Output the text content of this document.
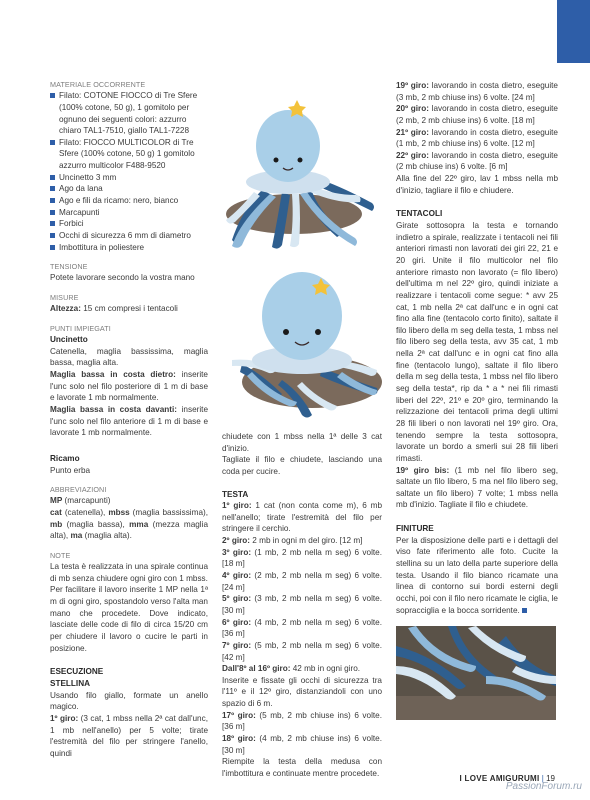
MATERIALE OCCORRENTE
Filato: COTONE FIOCCO di Tre Sfere (100% cotone, 50 g), 1 gomitolo per ognuno dei seguenti colori: azzurro chiaro TAL1-7510, giallo TAL1-7228
Filato: FIOCCO MULTICOLOR di Tre Sfere (100% cotone, 50 g) 1 gomitolo azzurro multicolor F488-9520
Uncinetto 3 mm
Ago da lana
Ago e fili da ricamo: nero, bianco
Marcapunti
Forbici
Occhi di sicurezza 6 mm di diametro
Imbottitura in poliestere
TENSIONE

Potete lavorare secondo la vostra mano

MISURE

Altezza: 15 cm compresi i tentacoli

PUNTI IMPIEGATI
Uncinetto

Catenella, maglia bassissima, maglia bassa, maglia alta.

Maglia bassa in costa dietro: inserite l'unc solo nel filo posteriore di 1 m di base e lavorate 1 mb normalmente.

Maglia bassa in costa davanti: inserite l'unc solo nel filo anteriore di 1 m di base e lavorate 1 mb normalmente.

Ricamo

Punto erba

ABBREVIAZIONI

MP (marcapunti)

cat (catenella), mbss (maglia bassissima), mb (maglia bassa), mma (mezza maglia alta), ma (maglia alta).

NOTE

La testa è realizzata in una spirale continua di mb senza chiudere ogni giro con 1 mbss.

Per facilitare il lavoro inserite 1 MP nella 1ª m di ogni giro, spostandolo verso l'alta man mano che procedete. Dove indicato, lasciate delle code di filo di circa 15/20 cm per chiudere il lavoro o cucire le parti in posizione.

ESECUZIONE
STELLINA

Usando filo giallo, formate un anello magico.

1º giro: (3 cat, 1 mbss nella 2ª cat dall'unc, 1 mb nell'anello) per 5 volte; tirate l'estremità del filo per stringere l'anello, quindi

chiudete con 1 mbss nella 1ª delle 3 cat d'inizio.

Tagliate il filo e chiudete, lasciando una coda per cucire.

TESTA

1º giro: 1 cat (non conta come m), 6 mb nell'anello; tirate l'estremità del filo per stringere il cerchio.

2º giro: 2 mb in ogni m del giro. [12 m]

3º giro: (1 mb, 2 mb nella m seg) 6 volte. [18 m]

4º giro: (2 mb, 2 mb nella m seg) 6 volte. [24 m]

5º giro: (3 mb, 2 mb nella m seg) 6 volte. [30 m]

6º giro: (4 mb, 2 mb nella m seg) 6 volte. [36 m]

7º giro: (5 mb, 2 mb nella m seg) 6 volte. [42 m]

Dall'8º al 16º giro: 42 mb in ogni giro.

Inserite e fissate gli occhi di sicurezza tra l'11º e il 12º giro, distanziandoli con uno spazio di 6 m.

17º giro: (5 mb, 2 mb chiuse ins) 6 volte. [36 m]

18º giro: (4 mb, 2 mb chiuse ins) 6 volte. [30 m]

Riempite la testa della medusa con l'imbottitura e continuate mentre procedete.

19º giro: lavorando in costa dietro, eseguite (3 mb, 2 mb chiuse ins) 6 volte. [24 m]

20º giro: lavorando in costa dietro, eseguite (2 mb, 2 mb chiuse ins) 6 volte. [18 m]

21º giro: lavorando in costa dietro, eseguite (1 mb, 2 mb chiuse ins) 6 volte. [12 m]

22º giro: lavorando in costa dietro, eseguite (2 mb chiuse ins) 6 volte. [6 m]

Alla fine del 22º giro, lav 1 mbss nella mb d'inizio, tagliare il filo e chiudere.

TENTACOLI

Girate sottosopra la testa e tornando indietro a spirale, realizzate i tentacoli nei fili anteriori rimasti non lavorati dei giri 22, 21 e 20 giri. Unite il filo multicolor nel filo anteriore rimasto non lavorato (= filo libero) dell'ultima m nel 22º giro, quindi iniziate a realizzare i tentacoli come segue: * avv 25 cat, 1 mb nella 2ª cat dall'unc e in ogni cat fino alla fine (tentacolo corto finito), saltate il filo libero della m seg della testa, 1 mbss nel filo libero seg della testa, avv 35 cat, 1 mb nella 2ª cat dall'unc e in ogni cat fino alla fine (tentacolo lungo), saltate il filo libero della m seg della testa, 1 mbss nel filo libero seg della testa*, rip da * a * nei fili rimasti liberi del 22º, 21º e 20º giro, terminando la relizzazione dei tentacoli prima degli ultimi 28 fili liberi o non lavorati nel 19º giro. Ora, tenendo sempre la testa sottosopra, lavorate un bordo a smerli sui 28 fili liberi rimasti.

19º giro bis: (1 mb nel filo libero seg, saltate un filo libero, 5 ma nel filo libero seg, saltate un filo libero) 7 volte; 1 mbss nella mb d'inizio. Tagliate il filo e chiudete.

FINITURE

Per la disposizione delle parti e i dettagli del viso fate riferimento alle foto. Cucite la stellina su un lato della parte superiore della testa. Usando il filo bianco ricamate una linea di contorno sui bordi esterni degli occhi, poi con il filo nero ricamate le ciglia, le sopracciglia e la bocca sorridente.

I LOVE AMIGURUMI | 19
PassionForum.ru
